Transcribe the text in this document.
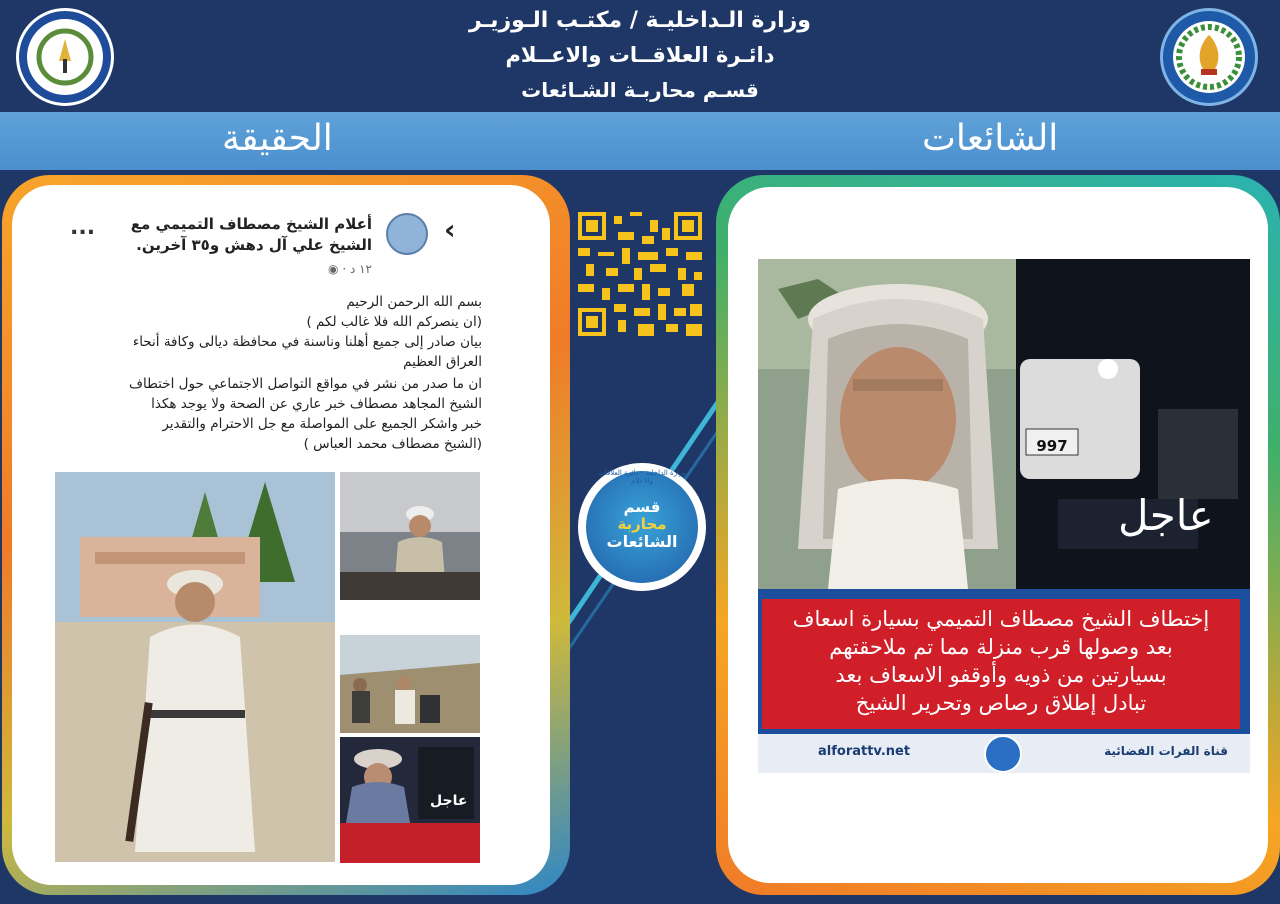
وزارة الـداخليـة / مكتـب الـوزيـر
دائـرة العلاقــات والاعــلام
قسـم محاربـة الشـائعات
الحقيقة	الشائعات
‹
أعلام الشيخ مصطاف التميمي مع
الشيخ علي آل دهش و٣٥ آخرين.
١٢ د · ◉
...
بسم الله الرحمن الرحيم
(ان ينصركم الله فلا غالب لكم )
بيان صادر إلى جميع أهلنا وناسنة في محافظة ديالى وكافة أنحاء
العراق العظيم
ان ما صدر من نشر في مواقع التواصل الاجتماعي حول اختطاف
الشيخ المجاهد مصطاف خبر عاري عن الصحة ولا يوجد هكذا
خبر واشكر الجميع على المواصلة مع جل الاحترام والتقدير
(الشيخ مصطاف محمد العباس )
عاجل
وزارة الداخلية - دائرة العلاقات والاعلام
قسم
محاربة
الشائعات
997
عاجل
إختطاف الشيخ مصطاف التميمي بسيارة اسعاف
بعد وصولها قرب منزلة مما تم ملاحقتهم
بسيارتين من ذويه وأوقفو الاسعاف بعد
تبادل إطلاق رصاص وتحرير الشيخ
alforattv.net	قناة الفرات الفضائية
